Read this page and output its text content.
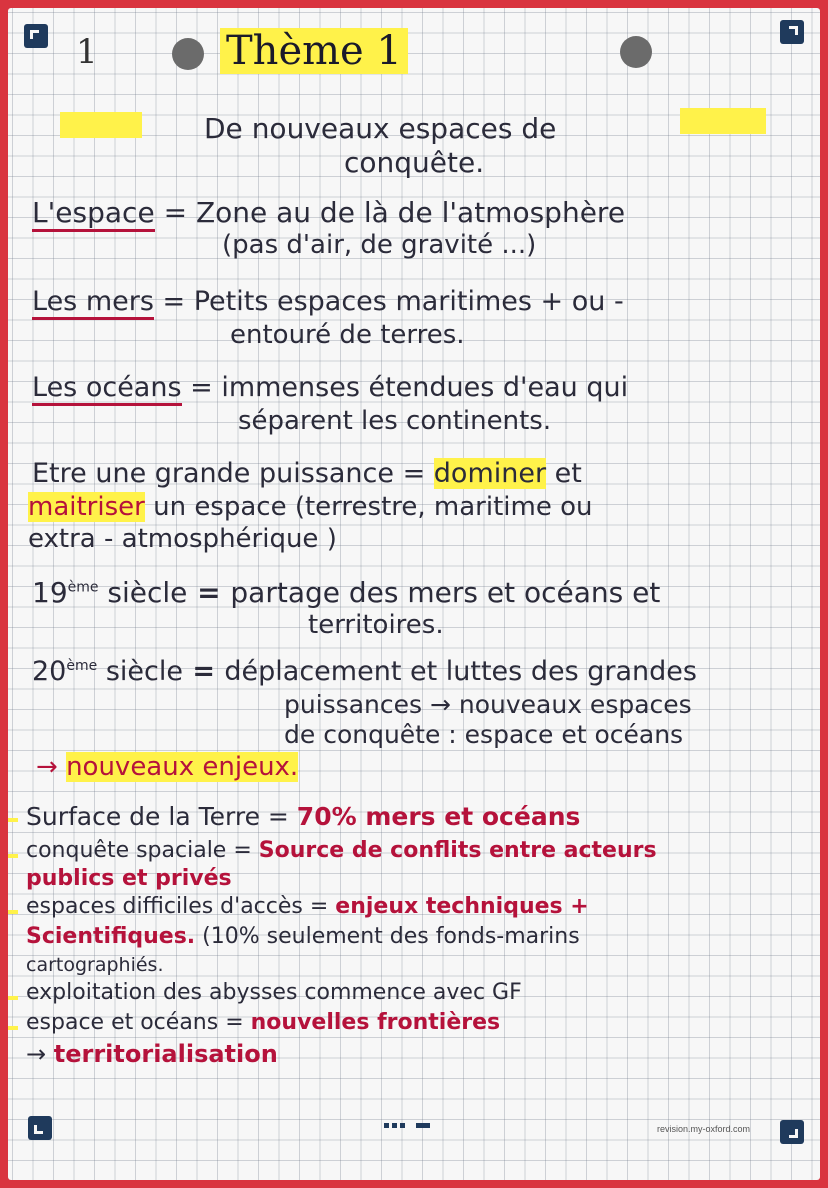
1	Thème 1
De nouveaux espaces de
conquête.
L'espace = Zone au de là de l'atmosphère
(pas d'air, de gravité ...)
Les mers = Petits espaces maritimes + ou -
entouré de terres.
Les océans = immenses étendues d'eau qui
séparent les continents.
Etre une grande puissance = dominer et
maitriser un espace (terrestre, maritime ou
extra - atmosphérique )
19ème siècle = partage des mers et océans et
territoires.
20ème siècle = déplacement et luttes des grandes
puissances → nouveaux espaces
de conquête : espace et océans
→ nouveaux enjeux.
Surface de la Terre = 70% mers et océans
conquête spaciale = Source de conflits entre acteurs
publics et privés
espaces difficiles d'accès = enjeux techniques +
Scientifiques. (10% seulement des fonds-marins
cartographiés.
exploitation des abysses commence avec GF
espace et océans = nouvelles frontières
→ territorialisation
revision.my-oxford.com
